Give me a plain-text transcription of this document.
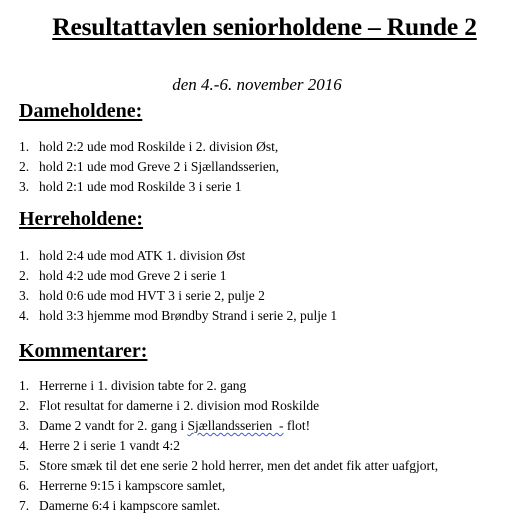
Resultattavlen seniorholdene – Runde 2
den 4.-6. november 2016
Dameholdene:
1. hold 2:2 ude mod Roskilde i 2. division Øst,
2. hold 2:1 ude mod Greve 2 i Sjællandsserien,
3. hold 2:1 ude mod Roskilde 3 i serie 1
Herreholdene:
1. hold 2:4 ude mod ATK 1. division Øst
2. hold 4:2 ude mod Greve 2 i serie 1
3. hold 0:6 ude mod HVT 3 i serie 2, pulje 2
4. hold 3:3 hjemme mod Brøndby Strand i serie 2, pulje 1
Kommentarer:
1. Herrerne i 1. division tabte for 2. gang
2. Flot resultat for damerne i 2. division mod Roskilde
3. Dame 2 vandt for 2. gang i Sjællandsserien  - flot!
4. Herre 2 i serie 1 vandt 4:2
5. Store smæk til det ene serie 2 hold herrer, men det andet fik atter uafgjort,
6. Herrerne 9:15 i kampscore samlet,
7. Damerne 6:4 i kampscore samlet.
